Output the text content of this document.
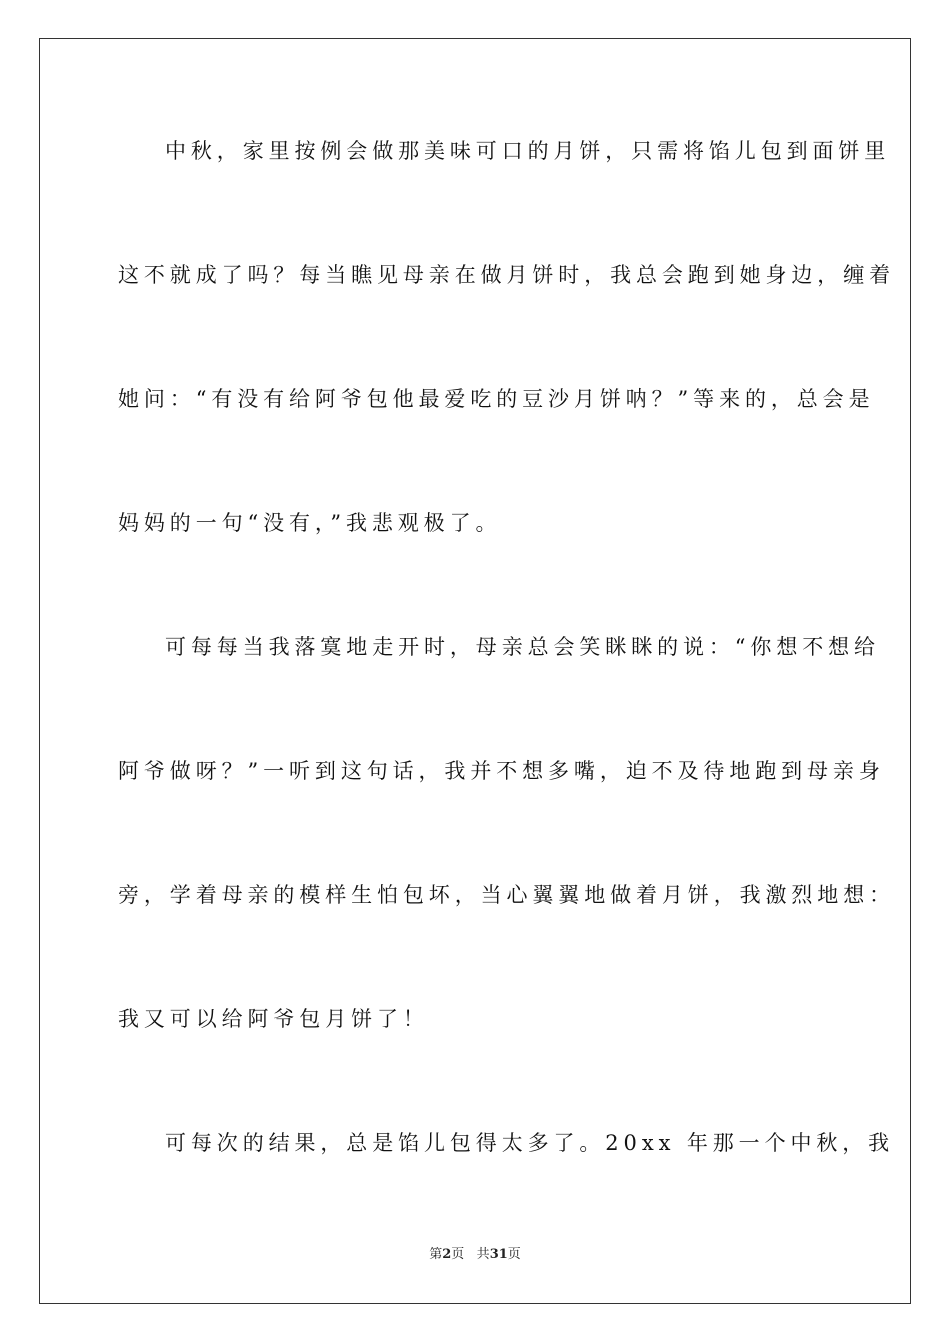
中秋，家里按例会做那美味可口的月饼，只需将馅儿包到面饼里
这不就成了吗？每当瞧见母亲在做月饼时，我总会跑到她身边，缠着
她问：“有没有给阿爷包他最爱吃的豆沙月饼呐？”等来的，总会是
妈妈的一句“没有，”我悲观极了。
可每每当我落寞地走开时，母亲总会笑眯眯的说：“你想不想给
阿爷做呀？”一听到这句话，我并不想多嘴，迫不及待地跑到母亲身
旁，学着母亲的模样生怕包坏，当心翼翼地做着月饼，我激烈地想：
我又可以给阿爷包月饼了！
可每次的结果，总是馅儿包得太多了。20xx 年那一个中秋，我
第2页 共31页
